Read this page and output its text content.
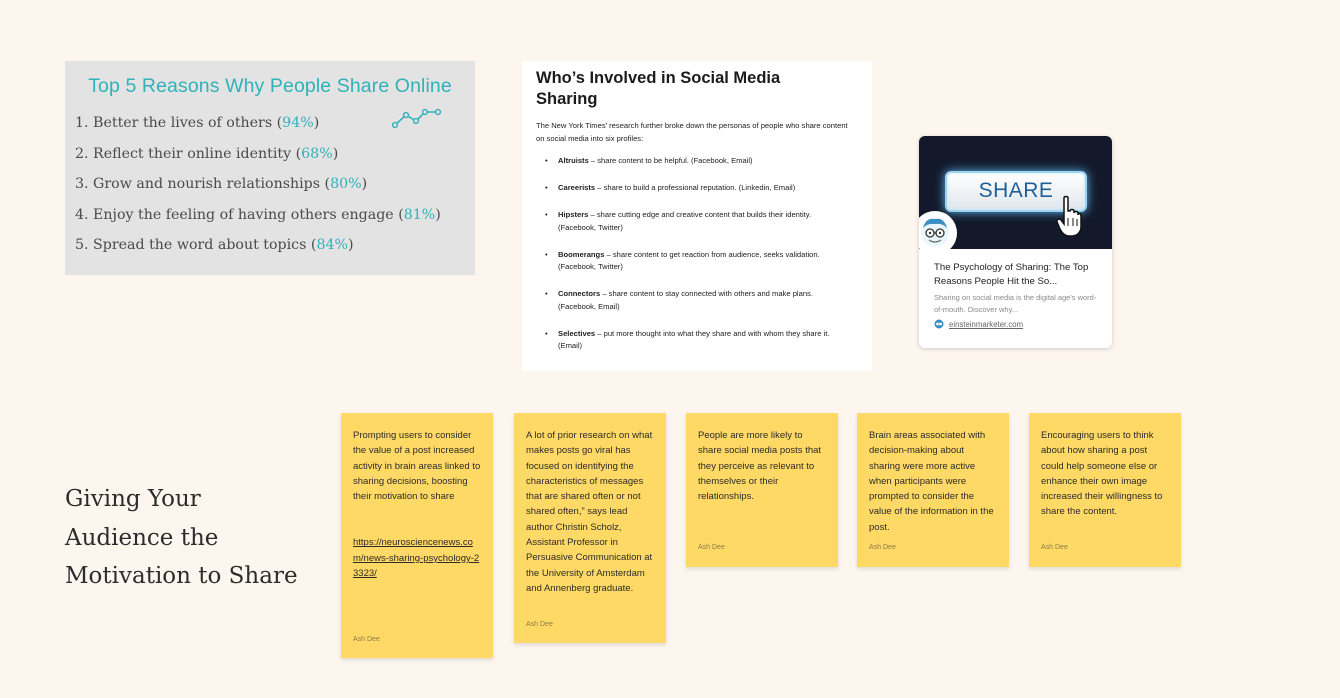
Top 5 Reasons Why People Share Online
1. Better the lives of others (94%)
2. Reflect their online identity (68%)
3. Grow and nourish relationships (80%)
4. Enjoy the feeling of having others engage (81%)
5. Spread the word about topics (84%)
Who’s Involved in Social Media Sharing
The New York Times’ research further broke down the personas of people who share content on social media into six profiles:
• Altruists – share content to be helpful. (Facebook, Email)
• Careerists – share to build a professional reputation. (Linkedin, Email)
• Hipsters – share cutting edge and creative content that builds their identity. (Facebook, Twitter)
• Boomerangs – share content to get reaction from audience, seeks validation. (Facebook, Twitter)
• Connectors – share content to stay connected with others and make plans. (Facebook, Email)
• Selectives – put more thought into what they share and with whom they share it. (Email)
SHARE
The Psychology of Sharing: The Top Reasons People Hit the So...
Sharing on social media is the digital age's word-of-mouth. Discover why...
einsteinmarketer.com
Giving Your
Audience the
Motivation to Share
Prompting users to consider the value of a post increased activity in brain areas linked to sharing decisions, boosting their motivation to share
https://neurosciencenews.com/news-sharing-psychology-23323/
Ash Dee
A lot of prior research on what makes posts go viral has focused on identifying the characteristics of messages that are shared often or not shared often,” says lead author Christin Scholz, Assistant Professor in Persuasive Communication at the University of Amsterdam and Annenberg graduate.
Ash Dee
People are more likely to share social media posts that they perceive as relevant to themselves or their relationships.
Ash Dee
Brain areas associated with decision-making about sharing were more active when participants were prompted to consider the value of the information in the post.
Ash Dee
Encouraging users to think about how sharing a post could help someone else or enhance their own image increased their willingness to share the content.
Ash Dee
